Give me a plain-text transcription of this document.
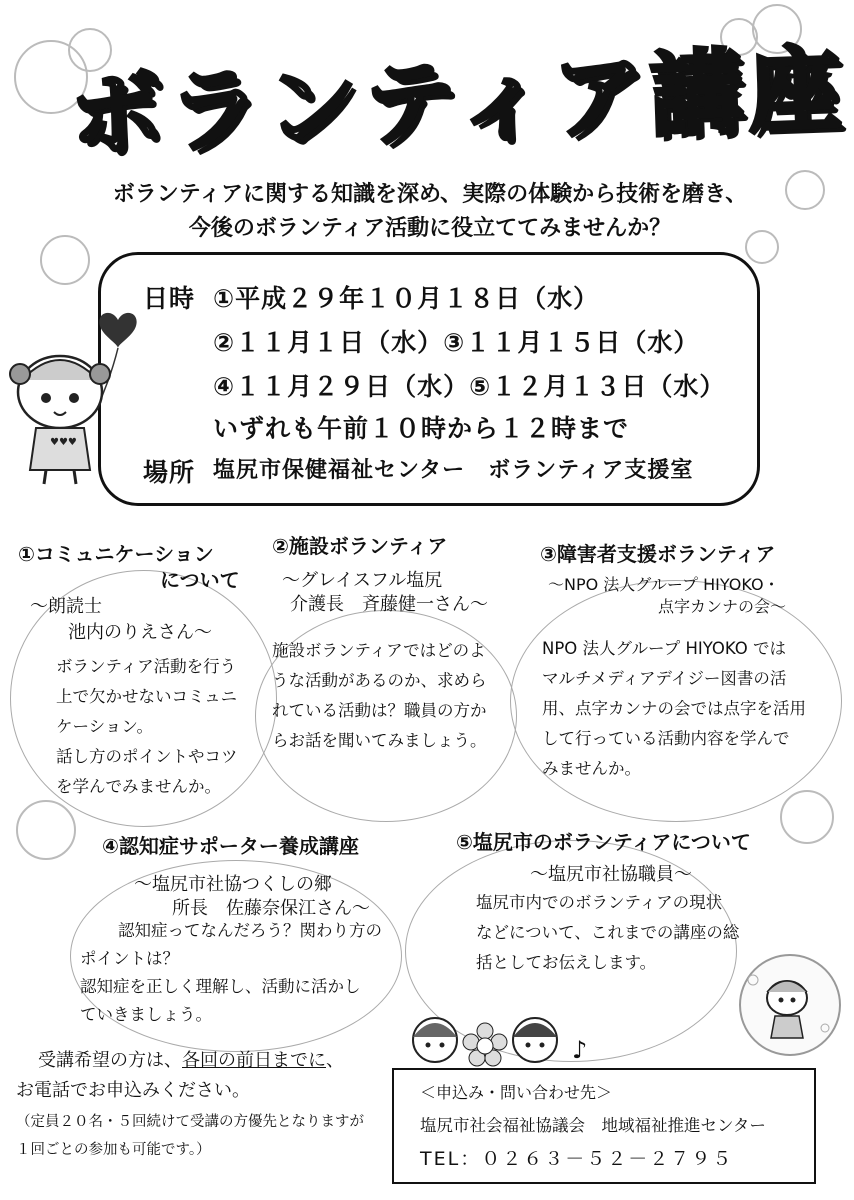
ボランティア講座
ボランティアに関する知識を深め、実際の体験から技術を磨き、
今後のボランティア活動に役立ててみませんか？
日時 ①平成２９年１０月１８日（水）
②１１月１日（水）③１１月１５日（水）
④１１月２９日（水）⑤１２月１３日（水）
いずれも午前１０時から１２時まで
場所 塩尻市保健福祉センター　ボランティア支援室
♥♥♥
①コミュニケーション
について
～朗読士
池内のりえさん～
ボランティア活動を行う
上で欠かせないコミュニ
ケーション。
話し方のポイントやコツ
を学んでみませんか。
②施設ボランティア
～グレイスフル塩尻
介護長　斉藤健一さん～
施設ボランティアではどのよ
うな活動があるのか、求めら
れている活動は？職員の方か
らお話を聞いてみましょう。
③障害者支援ボランティア
～NPO 法人グループ HIYOKO・
点字カンナの会～
NPO 法人グループ HIYOKO では
マルチメディアデイジー図書の活
用、点字カンナの会では点字を活用
して行っている活動内容を学んで
みませんか。
④認知症サポーター養成講座
～塩尻市社協つくしの郷
所長　佐藤奈保江さん～
認知症ってなんだろう？関わり方の
ポイントは？
認知症を正しく理解し、活動に活かし
ていきましょう。
⑤塩尻市のボランティアについて
～塩尻市社協職員～
塩尻市内でのボランティアの現状
などについて、これまでの講座の総
括としてお伝えします。
♪
受講希望の方は、各回の前日までに、
お電話でお申込みください。
（定員２０名・５回続けて受講の方優先となりますが
１回ごとの参加も可能です。）
＜申込み・問い合わせ先＞
塩尻市社会福祉協議会　地域福祉推進センター
TEL：０２６３－５２－２７９５
